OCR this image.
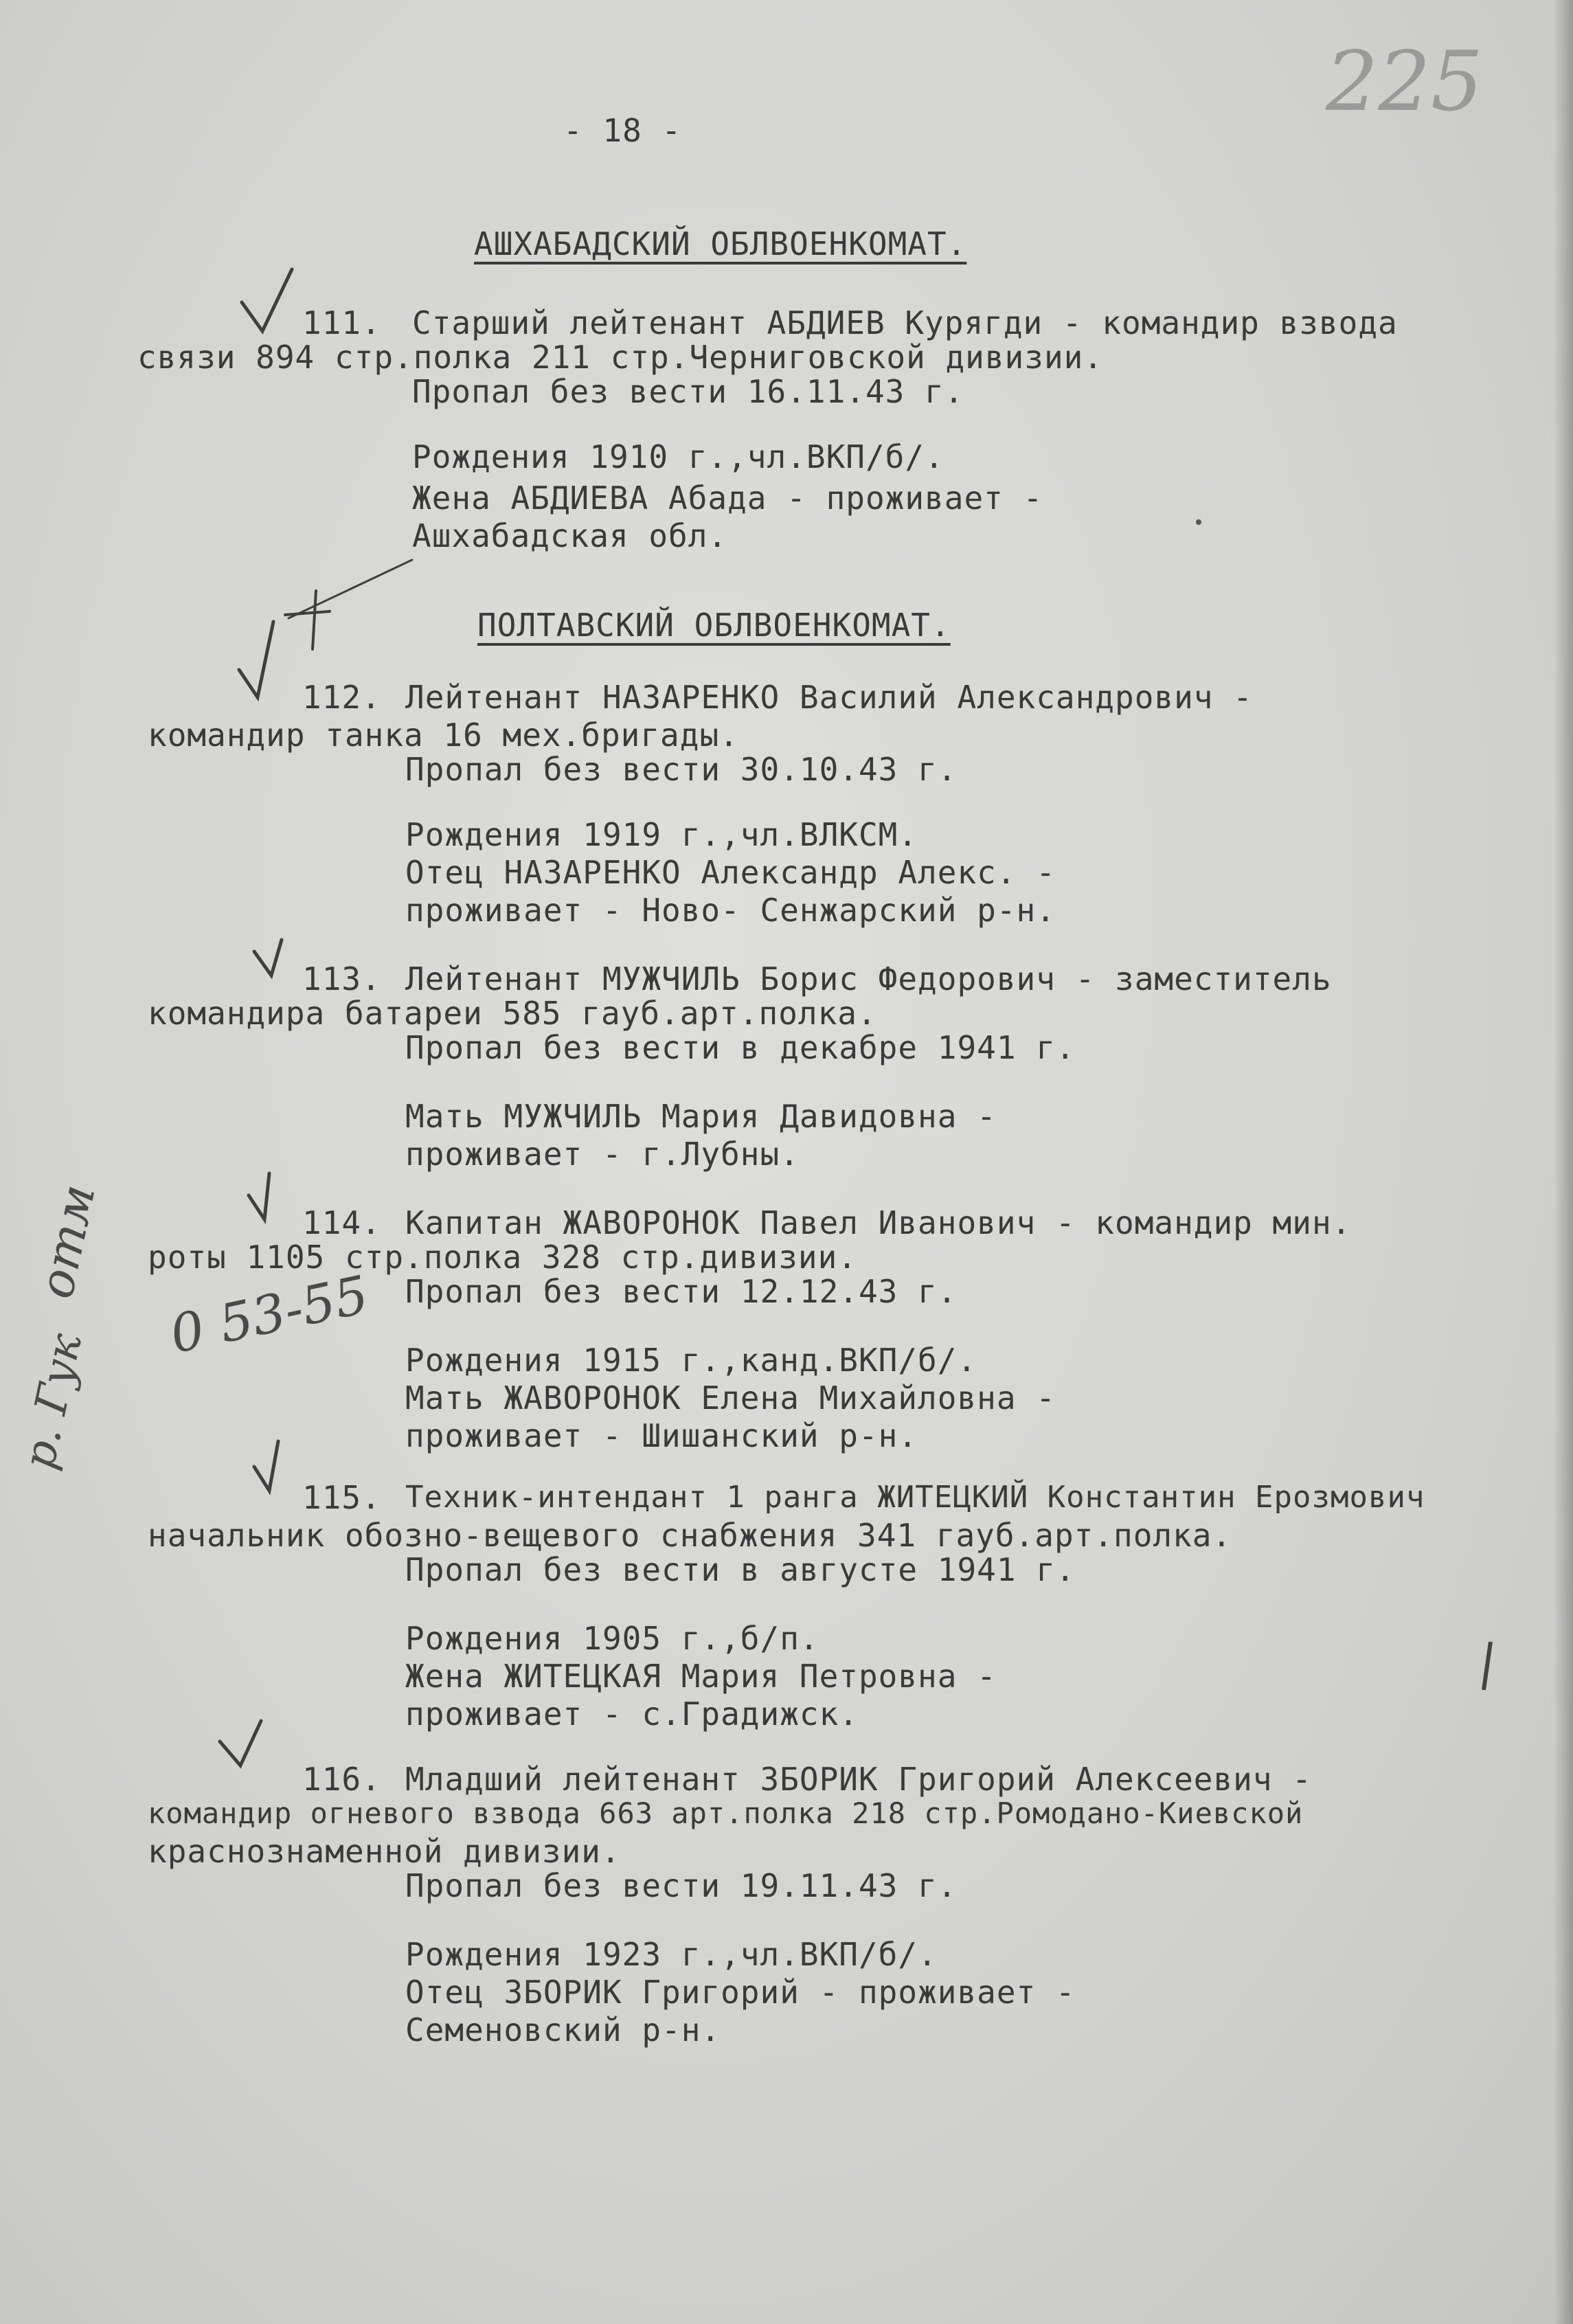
225
- 18 -
АШХАБАДСКИЙ ОБЛВОЕНКОМАТ.
111. Старший лейтенант АБДИЕВ Курягди - командир взвода
связи 894 стр.полка 211 стр.Черниговской дивизии.
Пропал без вести 16.11.43 г.
Рождения 1910 г.,чл.ВКП/б/.
Жена АБДИЕВА Абада - проживает -
Ашхабадская обл.
ПОЛТАВСКИЙ ОБЛВОЕНКОМАТ.
112. Лейтенант НАЗАРЕНКО Василий Александрович -
командир танка 16 мех.бригады.
Пропал без вести 30.10.43 г.
Рождения 1919 г.,чл.ВЛКСМ.
Отец НАЗАРЕНКО Александр Алекс. -
проживает - Ново- Сенжарский р-н.
113. Лейтенант МУЖЧИЛЬ Борис Федорович - заместитель
командира батареи 585 гауб.арт.полка.
Пропал без вести в декабре 1941 г.
Мать МУЖЧИЛЬ Мария Давидовна -
проживает - г.Лубны.
114. Капитан ЖАВОРОНОК Павел Иванович - командир мин.
роты 1105 стр.полка 328 стр.дивизии.
Пропал без вести 12.12.43 г.
Рождения 1915 г.,канд.ВКП/б/.
Мать ЖАВОРОНОК Елена Михайловна -
проживает - Шишанский р-н.
115. Техник-интендант 1 ранга ЖИТЕЦКИЙ Константин Ерозмович
начальник обозно-вещевого снабжения 341 гауб.арт.полка.
Пропал без вести в августе 1941 г.
Рождения 1905 г.,б/п.
Жена ЖИТЕЦКАЯ Мария Петровна -
проживает - с.Градижск.
116. Младший лейтенант ЗБОРИК Григорий Алексеевич -
командир огневого взвода 663 арт.полка 218 стр.Ромодано-Киевской
краснознаменной дивизии.
Пропал без вести 19.11.43 г.
Рождения 1923 г.,чл.ВКП/б/.
Отец ЗБОРИК Григорий - проживает -
Семеновский р-н.
отм
р. Гук
0 53-55
